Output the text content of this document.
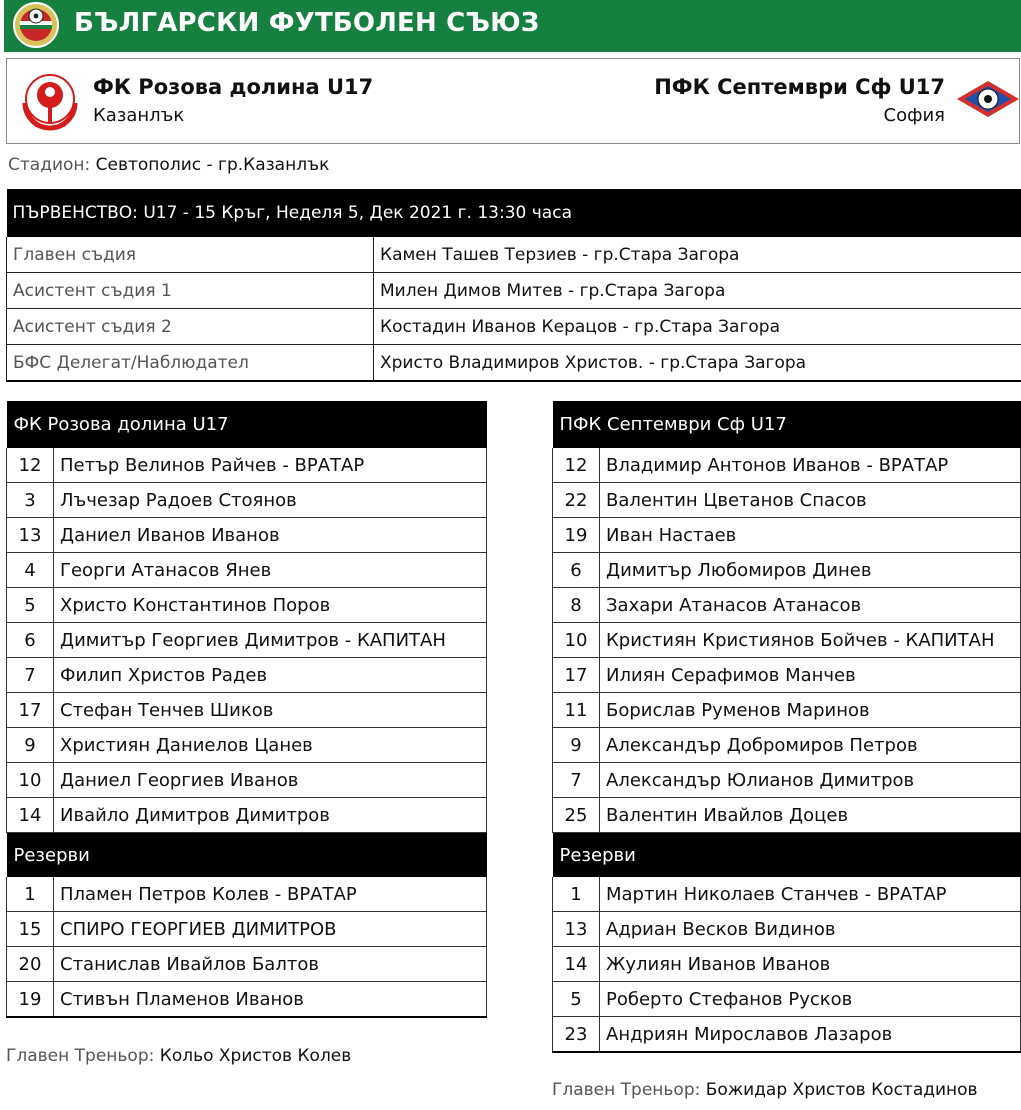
БЪЛГАРСКИ ФУТБОЛЕН СЪЮЗ
ФК Розова долина U17
Казанлък
ПФК Септември Сф U17
София
Стадион: Севтополис - гр.Казанлък
ПЪРВЕНСТВО: U17 - 15 Кръг, Неделя 5, Дек 2021 г. 13:30 часа	
Главен съдия	Камен Ташев Терзиев - гр.Стара Загора
Асистент съдия 1	Милен Димов Митев - гр.Стара Загора
Асистент съдия 2	Костадин Иванов Керацов - гр.Стара Загора
БФС Делегат/Наблюдател	Христо Владимиров Христов. - гр.Стара Загора
ФК Розова долина U17	
12	Петър Велинов Райчев - ВРАТАР
3	Лъчезар Радоев Стоянов
13	Даниел Иванов Иванов
4	Георги Атанасов Янев
5	Христо Константинов Поров
6	Димитър Георгиев Димитров - КАПИТАН
7	Филип Христов Радев
17	Стефан Тенчев Шиков
9	Християн Даниелов Цанев
10	Даниел Георгиев Иванов
14	Ивайло Димитров Димитров
Резерви	
1	Пламен Петров Колев - ВРАТАР
15	СПИРО ГЕОРГИЕВ ДИМИТРОВ
20	Станислав Ивайлов Балтов
19	Стивън Пламенов Иванов
Главен Треньор: Кольо Христов Колев
ПФК Септември Сф U17	
12	Владимир Антонов Иванов - ВРАТАР
22	Валентин Цветанов Спасов
19	Иван Настаев
6	Димитър Любомиров Динев
8	Захари Атанасов Атанасов
10	Кристиян Кристиянов Бойчев - КАПИТАН
17	Илиян Серафимов Манчев
11	Борислав Руменов Маринов
9	Александър Добромиров Петров
7	Александър Юлианов Димитров
25	Валентин Ивайлов Доцев
Резерви	
1	Мартин Николаев Станчев - ВРАТАР
13	Адриан Весков Видинов
14	Жулиян Иванов Иванов
5	Роберто Стефанов Русков
23	Андриян Мирославов Лазаров
Главен Треньор: Божидар Христов Костадинов
